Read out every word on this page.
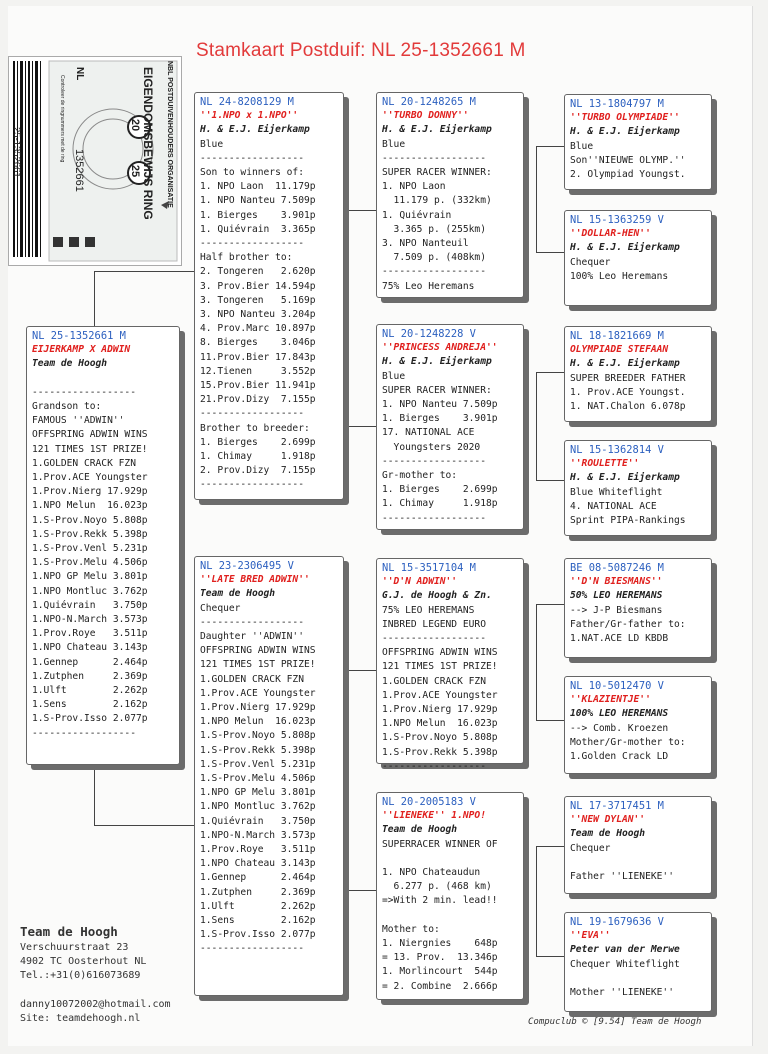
Stamkaart Postduif: NL 25-1352661 M
NBL POSTDUIVENHOUDERS ORGANISATIE
EIGENDOMSBEWIJS RING
20
25
NL
1352661
Controleer de ringnummers met de ring
25-1352661
NL 25-1352661 M
EIJERKAMP X ADWIN
Team de Hoogh

------------------
Grandson to:
FAMOUS ''ADWIN''
OFFSPRING ADWIN WINS
121 TIMES 1ST PRIZE!
1.GOLDEN CRACK FZN
1.Prov.ACE Youngster
1.Prov.Nierg 17.929p
1.NPO Melun  16.023p
1.S-Prov.Noyo 5.808p
1.S-Prov.Rekk 5.398p
1.S-Prov.Venl 5.231p
1.S-Prov.Melu 4.506p
1.NPO GP Melu 3.801p
1.NPO Montluc 3.762p
1.Quiévrain   3.750p
1.NPO-N.March 3.573p
1.Prov.Roye   3.511p
1.NPO Chateau 3.143p
1.Gennep      2.464p
1.Zutphen     2.369p
1.Ulft        2.262p
1.Sens        2.162p
1.S-Prov.Isso 2.077p
------------------
NL 24-8208129 M
''1.NPO x 1.NPO''
H. & E.J. Eijerkamp
Blue
------------------
Son to winners of:
1. NPO Laon  11.179p
1. NPO Nanteu 7.509p
1. Bierges    3.901p
1. Quiévrain  3.365p
------------------
Half brother to:
2. Tongeren   2.620p
3. Prov.Bier 14.594p
3. Tongeren   5.169p
3. NPO Nanteu 3.204p
4. Prov.Marc 10.897p
8. Bierges    3.046p
11.Prov.Bier 17.843p
12.Tienen     3.552p
15.Prov.Bier 11.941p
21.Prov.Dizy  7.155p
------------------
Brother to breeder:
1. Bierges    2.699p
1. Chimay     1.918p
2. Prov.Dizy  7.155p
------------------
NL 23-2306495 V
''LATE BRED ADWIN''
Team de Hoogh
Chequer
------------------
Daughter ''ADWIN''
OFFSPRING ADWIN WINS
121 TIMES 1ST PRIZE!
1.GOLDEN CRACK FZN
1.Prov.ACE Youngster
1.Prov.Nierg 17.929p
1.NPO Melun  16.023p
1.S-Prov.Noyo 5.808p
1.S-Prov.Rekk 5.398p
1.S-Prov.Venl 5.231p
1.S-Prov.Melu 4.506p
1.NPO GP Melu 3.801p
1.NPO Montluc 3.762p
1.Quiévrain   3.750p
1.NPO-N.March 3.573p
1.Prov.Roye   3.511p
1.NPO Chateau 3.143p
1.Gennep      2.464p
1.Zutphen     2.369p
1.Ulft        2.262p
1.Sens        2.162p
1.S-Prov.Isso 2.077p
------------------
NL 20-1248265 M
''TURBO DONNY''
H. & E.J. Eijerkamp
Blue
------------------
SUPER RACER WINNER:
1. NPO Laon
11.179 p. (332km)
1. Quiévrain
3.365 p. (255km)
3. NPO Nanteuil
7.509 p. (408km)
------------------
75% Leo Heremans
NL 20-1248228 V
''PRINCESS ANDREJA''
H. & E.J. Eijerkamp
Blue
SUPER RACER WINNER:
1. NPO Nanteu 7.509p
1. Bierges    3.901p
17. NATIONAL ACE
Youngsters 2020
------------------
Gr-mother to:
1. Bierges    2.699p
1. Chimay     1.918p
------------------
NL 15-3517104 M
''D'N ADWIN''
G.J. de Hoogh & Zn.
75% LEO HEREMANS
INBRED LEGEND EURO
------------------
OFFSPRING ADWIN WINS
121 TIMES 1ST PRIZE!
1.GOLDEN CRACK FZN
1.Prov.ACE Youngster
1.Prov.Nierg 17.929p
1.NPO Melun  16.023p
1.S-Prov.Noyo 5.808p
1.S-Prov.Rekk 5.398p
------------------
NL 20-2005183 V
''LIENEKE'' 1.NPO!
Team de Hoogh
SUPERRACER WINNER OF

1. NPO Chateaudun
6.277 p. (468 km)
=>With 2 min. lead!!

Mother to:
1. Niergnies    648p
= 13. Prov.  13.346p
1. Morlincourt  544p
= 2. Combine  2.666p
NL 13-1804797 M
''TURBO OLYMPIADE''
H. & E.J. Eijerkamp
Blue
Son''NIEUWE OLYMP.''
2. Olympiad Youngst.
NL 15-1363259 V
''DOLLAR-HEN''
H. & E.J. Eijerkamp
Chequer
100% Leo Heremans
NL 18-1821669 M
OLYMPIADE STEFAAN
H. & E.J. Eijerkamp
SUPER BREEDER FATHER
1. Prov.ACE Youngst.
1. NAT.Chalon 6.078p
NL 15-1362814 V
''ROULETTE''
H. & E.J. Eijerkamp
Blue Whiteflight
4. NATIONAL ACE
Sprint PIPA-Rankings
BE 08-5087246 M
''D'N BIESMANS''
50% LEO HEREMANS
--> J-P Biesmans
Father/Gr-father to:
1.NAT.ACE LD KBDB
NL 10-5012470 V
''KLAZIENTJE''
100% LEO HEREMANS
--> Comb. Kroezen
Mother/Gr-mother to:
1.Golden Crack LD
NL 17-3717451 M
''NEW DYLAN''
Team de Hoogh
Chequer

Father ''LIENEKE''
NL 19-1679636 V
''EVA''
Peter van der Merwe
Chequer Whiteflight

Mother ''LIENEKE''
Team de Hoogh
Verschuurstraat 23
4902 TC Oosterhout NL
Tel.:+31(0)616073689
danny10072002@hotmail.com
Site: teamdehoogh.nl	Compuclub © [9.54] Team de Hoogh
